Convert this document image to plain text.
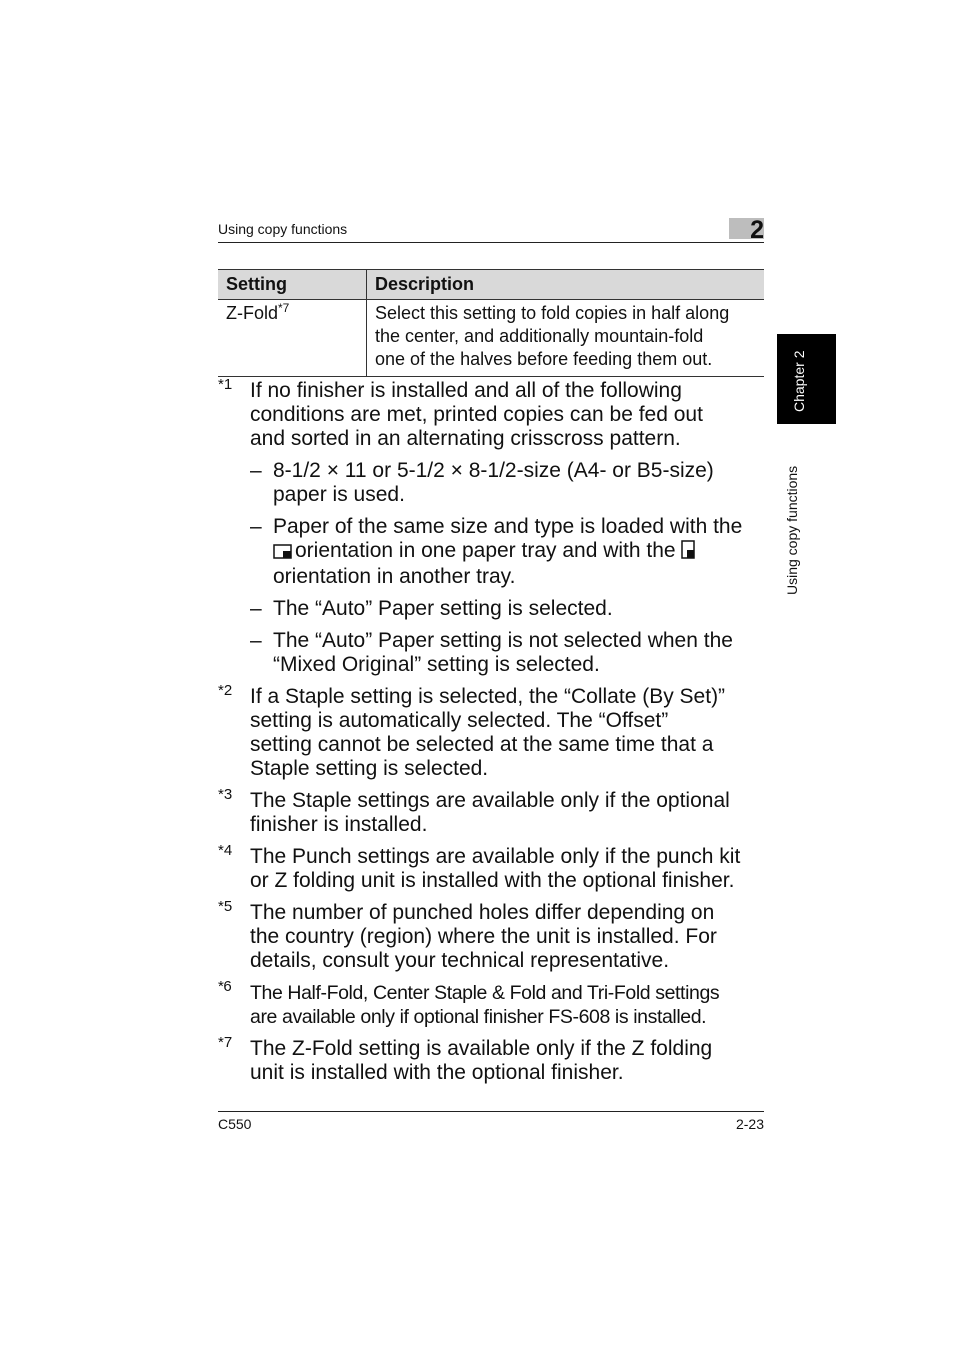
Using copy functions	2
Chapter 2
Using copy functions
Setting	Description
Z-Fold$^{*7}$	Select this setting to fold copies in half along
the center, and additionally mountain-fold
one of the halves before feeding them out.
*1 If no finisher is installed and all of the following
conditions are met, printed copies can be fed out
and sorted in an alternating crisscross pattern.
– 8-1/2 × 11 or 5-1/2 × 8-1/2-size (A4- or B5-size)
paper is used.
– Paper of the same size and type is loaded with the
orientation in one paper tray and with the
orientation in another tray.
– The “Auto” Paper setting is selected.
– The “Auto” Paper setting is not selected when the
“Mixed Original” setting is selected.
*2 If a Staple setting is selected, the “Collate (By Set)”
setting is automatically selected. The “Offset”
setting cannot be selected at the same time that a
Staple setting is selected.
*3 The Staple settings are available only if the optional
finisher is installed.
*4 The Punch settings are available only if the punch kit
or Z folding unit is installed with the optional finisher.
*5 The number of punched holes differ depending on
the country (region) where the unit is installed. For
details, consult your technical representative.
*6 The Half-Fold, Center Staple & Fold and Tri-Fold settings
are available only if optional finisher FS-608 is installed.
*7 The Z-Fold setting is available only if the Z folding
unit is installed with the optional finisher.
C550	2-23
